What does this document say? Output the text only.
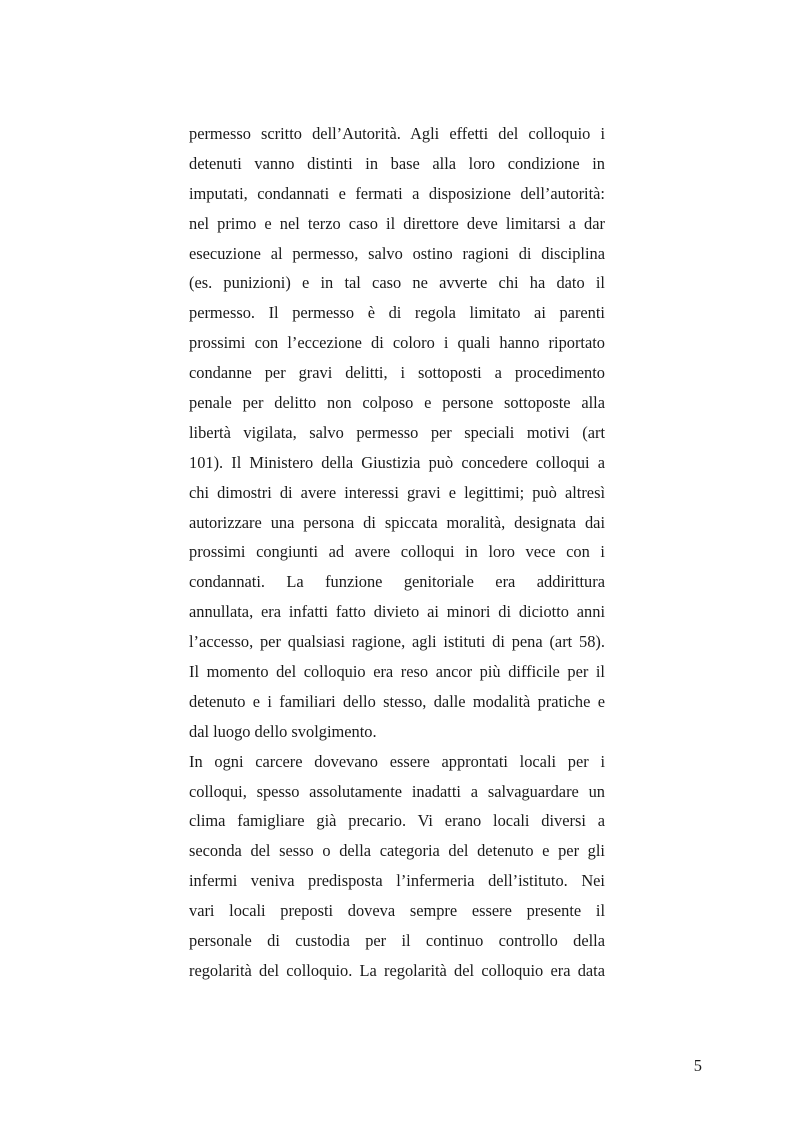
permesso scritto dell’Autorità. Agli effetti del colloquio i
detenuti vanno distinti in base alla loro condizione in
imputati, condannati e fermati a disposizione dell’autorità:
nel primo e nel terzo caso il direttore deve limitarsi a dar
esecuzione al permesso, salvo ostino ragioni di disciplina
(es. punizioni) e in tal caso ne avverte chi ha dato il
permesso. Il permesso è di regola limitato ai parenti
prossimi con l’eccezione di coloro i quali hanno riportato
condanne per gravi delitti, i sottoposti a procedimento
penale per delitto non colposo e persone sottoposte alla
libertà vigilata, salvo permesso per speciali motivi (art
101). Il Ministero della Giustizia può concedere colloqui a
chi dimostri di avere interessi gravi e legittimi; può altresì
autorizzare una persona di spiccata moralità, designata dai
prossimi congiunti ad avere colloqui in loro vece con i
condannati. La funzione genitoriale era addirittura
annullata, era infatti fatto divieto ai minori di diciotto anni
l’accesso, per qualsiasi ragione, agli istituti di pena (art 58).
Il momento del colloquio era reso ancor più difficile per il
detenuto e i familiari dello stesso, dalle modalità pratiche e
dal luogo dello svolgimento.
In ogni carcere dovevano essere approntati locali per i
colloqui, spesso assolutamente inadatti a salvaguardare un
clima famigliare già precario. Vi erano locali diversi a
seconda del sesso o della categoria del detenuto e per gli
infermi veniva predisposta l’infermeria dell’istituto. Nei
vari locali preposti doveva sempre essere presente il
personale di custodia per il continuo controllo della
regolarità del colloquio. La regolarità del colloquio era data
5
